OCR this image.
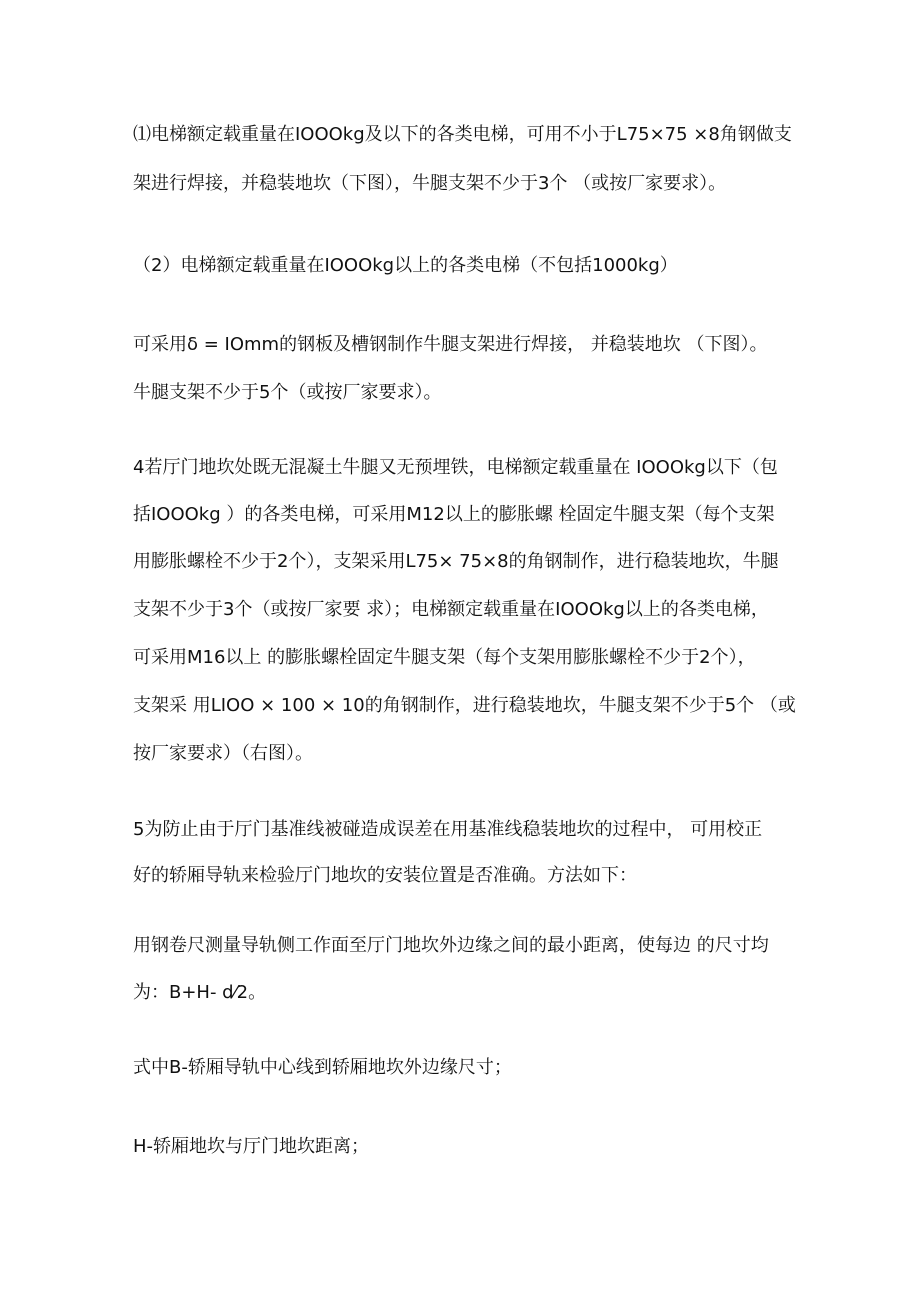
⑴电梯额定载重量在IOOOkg及以下的各类电梯，可用不小于L75×75 ×8角钢做支
架进行焊接，并稳装地坎（下图），牛腿支架不少于3个 （或按厂家要求）。
（2）电梯额定载重量在IOOOkg以上的各类电梯（不包括1000kg）
可采用δ = IOmm的钢板及槽钢制作牛腿支架进行焊接， 并稳装地坎 （下图）。
牛腿支架不少于5个（或按厂家要求）。
4若厅门地坎处既无混凝土牛腿又无预埋铁，电梯额定载重量在 IOOOkg以下（包
括IOOOkg ）的各类电梯，可采用M12以上的膨胀螺 栓固定牛腿支架（每个支架
用膨胀螺栓不少于2个），支架采用L75× 75×8的角钢制作，进行稳装地坎，牛腿
支架不少于3个（或按厂家要 求）；电梯额定载重量在IOOOkg以上的各类电梯，
可采用M16以上 的膨胀螺栓固定牛腿支架（每个支架用膨胀螺栓不少于2个），
支架采 用LIOO × 100 × 10的角钢制作，进行稳装地坎，牛腿支架不少于5个 （或
按厂家要求）（右图）。
5为防止由于厅门基准线被碰造成误差在用基准线稳装地坎的过程中， 可用校正
好的轿厢导轨来检验厅门地坎的安装位置是否准确。方法如下：
用钢卷尺测量导轨侧工作面至厅门地坎外边缘之间的最小距离，使每边 的尺寸均
为：B+H- d⁄2。
式中B-轿厢导轨中心线到轿厢地坎外边缘尺寸；
H-轿厢地坎与厅门地坎距离；
